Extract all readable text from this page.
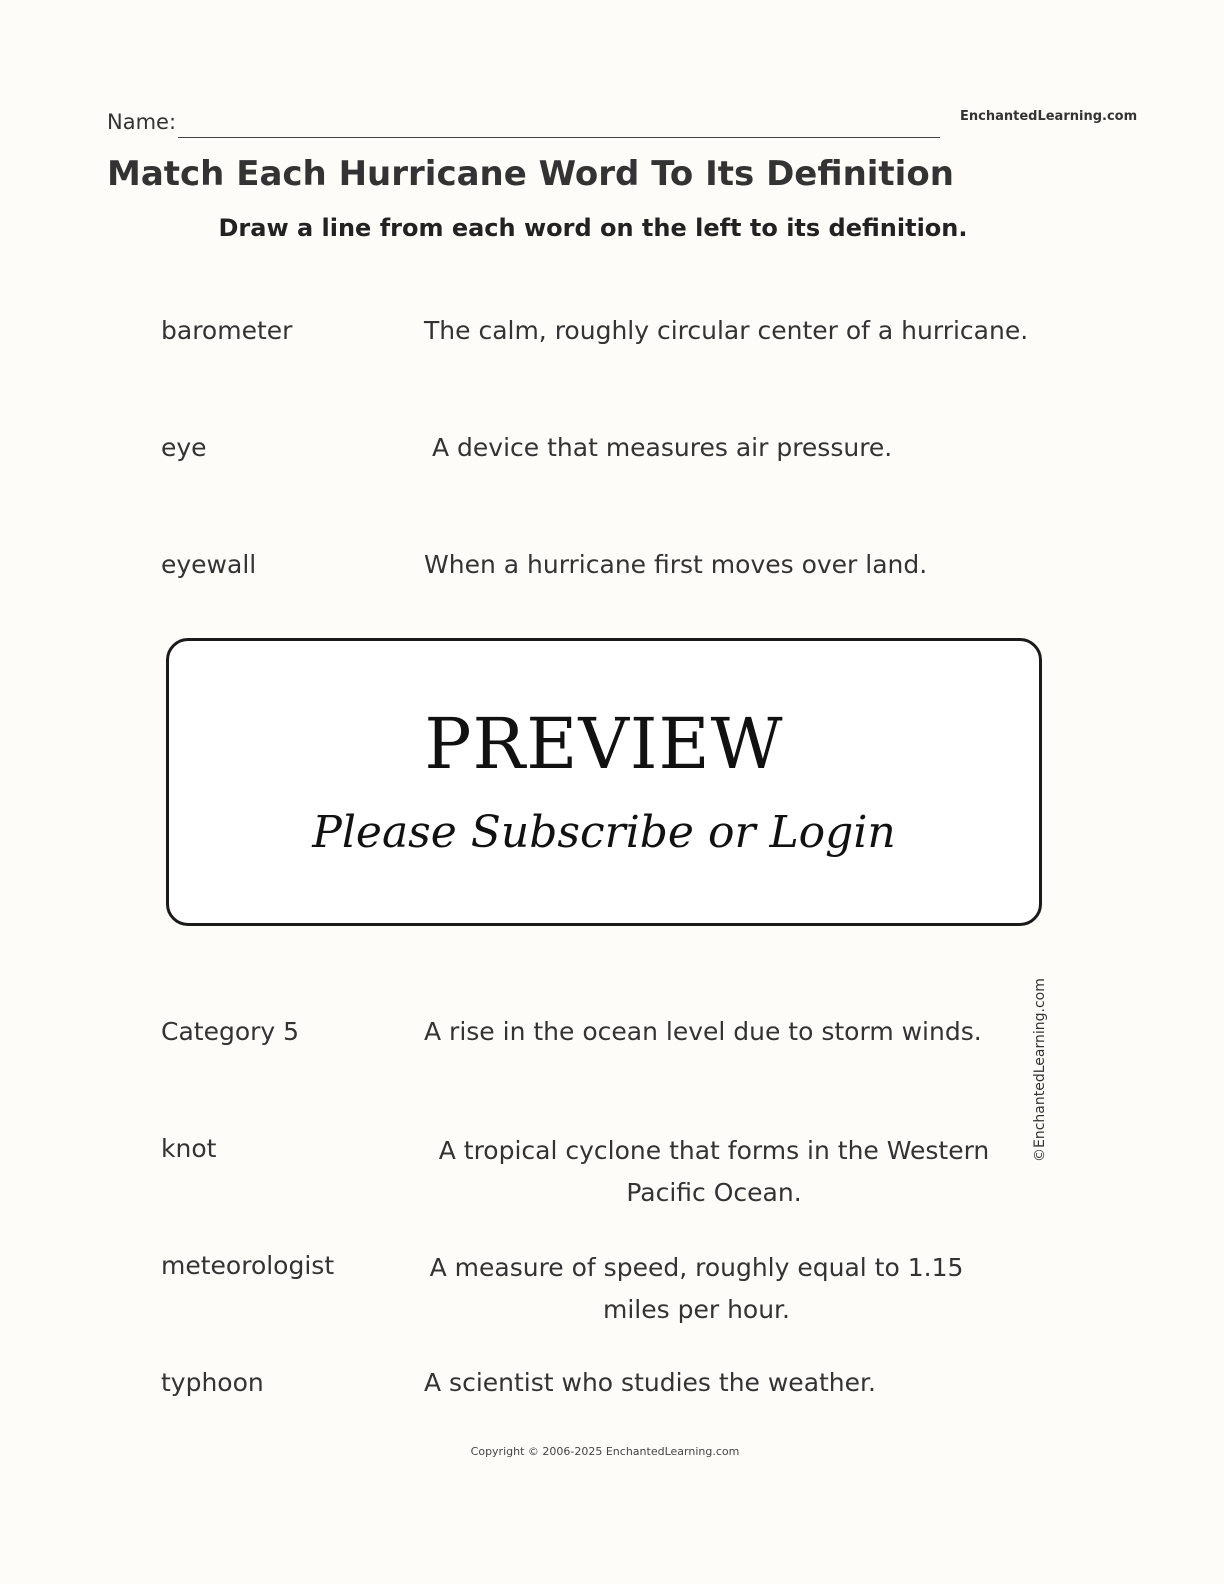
Name:	EnchantedLearning.com
Match Each Hurricane Word To Its Definition
Draw a line from each word on the left to its definition.
barometer	The calm, roughly circular center of a hurricane.
eye	A device that measures air pressure.
eyewall	When a hurricane first moves over land.
PREVIEW
Please Subscribe or Login
Category 5	A rise in the ocean level due to storm winds.
knot	A tropical cyclone that forms in the Western Pacific Ocean.
meteorologist	A measure of speed, roughly equal to 1.15 miles per hour.
typhoon	A scientist who studies the weather.
©EnchantedLearning.com
Copyright © 2006-2025 EnchantedLearning.com
